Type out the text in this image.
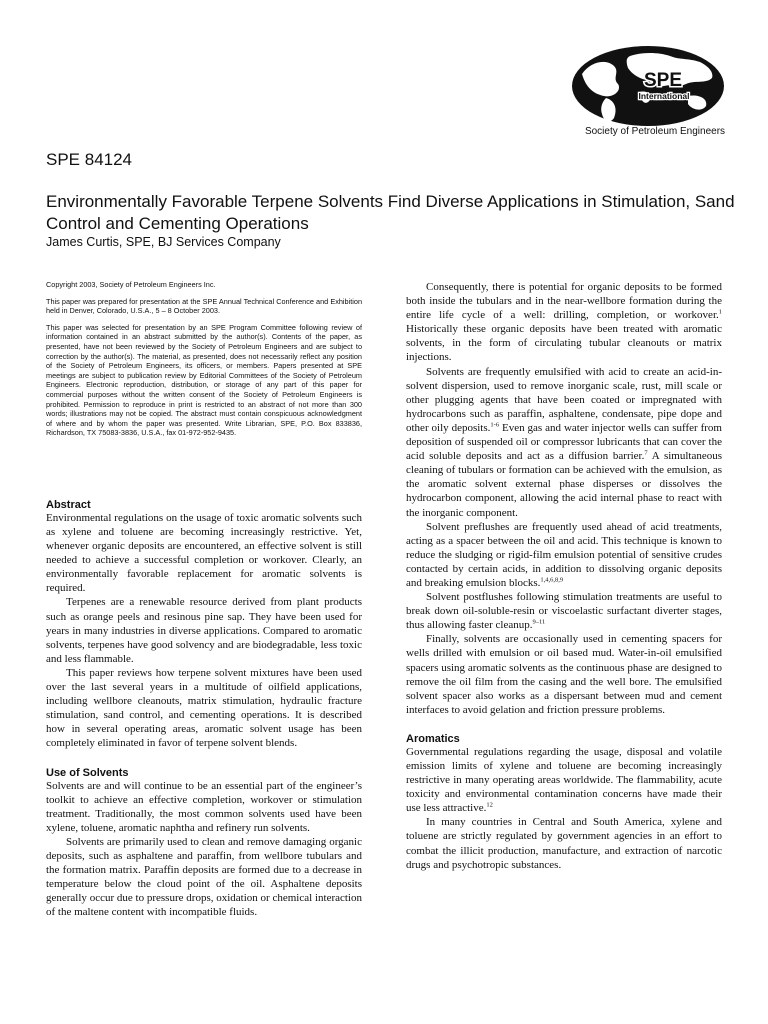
SPE
International
Society of Petroleum Engineers
SPE 84124
Environmentally Favorable Terpene Solvents Find Diverse Applications in Stimulation, Sand Control and Cementing Operations
James Curtis, SPE, BJ Services Company

Copyright 2003, Society of Petroleum Engineers Inc.

This paper was prepared for presentation at the SPE Annual Technical Conference and Exhibition held in Denver, Colorado, U.S.A., 5 – 8 October 2003.

This paper was selected for presentation by an SPE Program Committee following review of information contained in an abstract submitted by the author(s). Contents of the paper, as presented, have not been reviewed by the Society of Petroleum Engineers and are subject to correction by the author(s). The material, as presented, does not necessarily reflect any position of the Society of Petroleum Engineers, its officers, or members. Papers presented at SPE meetings are subject to publication review by Editorial Committees of the Society of Petroleum Engineers. Electronic reproduction, distribution, or storage of any part of this paper for commercial purposes without the written consent of the Society of Petroleum Engineers is prohibited. Permission to reproduce in print is restricted to an abstract of not more than 300 words; illustrations may not be copied. The abstract must contain conspicuous acknowledgment of where and by whom the paper was presented. Write Librarian, SPE, P.O. Box 833836, Richardson, TX 75083-3836, U.S.A., fax 01-972-952-9435.

Abstract

Environmental regulations on the usage of toxic aromatic solvents such as xylene and toluene are becoming increasingly restrictive. Yet, whenever organic deposits are encountered, an effective solvent is still needed to achieve a successful completion or workover. Clearly, an environmentally favorable replacement for aromatic solvents is required.

Terpenes are a renewable resource derived from plant products such as orange peels and resinous pine sap. They have been used for years in many industries in diverse applications. Compared to aromatic solvents, terpenes have good solvency and are biodegradable, less toxic and less flammable.

This paper reviews how terpene solvent mixtures have been used over the last several years in a multitude of oilfield applications, including wellbore cleanouts, matrix stimulation, hydraulic fracture stimulation, sand control, and cementing operations. It is described how in several operating areas, aromatic solvent usage has been completely eliminated in favor of terpene solvent blends.

Use of Solvents

Solvents are and will continue to be an essential part of the engineer’s toolkit to achieve an effective completion, workover or stimulation treatment. Traditionally, the most common solvents used have been xylene, toluene, aromatic naphtha and refinery run solvents.

Solvents are primarily used to clean and remove damaging organic deposits, such as asphaltene and paraffin, from wellbore tubulars and the formation matrix. Paraffin deposits are formed due to a decrease in temperature below the cloud point of the oil. Asphaltene deposits generally occur due to pressure drops, oxidation or chemical interaction of the maltene content with incompatible fluids.

Consequently, there is potential for organic deposits to be formed both inside the tubulars and in the near-wellbore formation during the entire life cycle of a well: drilling, completion, or workover.$^1$ Historically these organic deposits have been treated with aromatic solvents, in the form of circulating tubular cleanouts or matrix injections.

Solvents are frequently emulsified with acid to create an acid-in-solvent dispersion, used to remove inorganic scale, rust, mill scale or other plugging agents that have been coated or impregnated with hydrocarbons such as paraffin, asphaltene, condensate, pipe dope and other oily deposits.$^{1-6}$ Even gas and water injector wells can suffer from deposition of suspended oil or compressor lubricants that can cover the acid soluble deposits and act as a diffusion barrier.$^7$ A simultaneous cleaning of tubulars or formation can be achieved with the emulsion, as the aromatic solvent external phase disperses or dissolves the hydrocarbon component, allowing the acid internal phase to react with the inorganic component.

Solvent preflushes are frequently used ahead of acid treatments, acting as a spacer between the oil and acid. This technique is known to reduce the sludging or rigid-film emulsion potential of sensitive crudes contacted by certain acids, in addition to dissolving organic deposits and breaking emulsion blocks.$^{1,4,6,8,9}$

Solvent postflushes following stimulation treatments are useful to break down oil-soluble-resin or viscoelastic surfactant diverter stages, thus allowing faster cleanup.$^{9-11}$

Finally, solvents are occasionally used in cementing spacers for wells drilled with emulsion or oil based mud. Water-in-oil emulsified spacers using aromatic solvents as the continuous phase are designed to remove the oil film from the casing and the well bore. The emulsified solvent spacer also works as a dispersant between mud and cement interfaces to avoid gelation and friction pressure problems.

Aromatics

Governmental regulations regarding the usage, disposal and volatile emission limits of xylene and toluene are becoming increasingly restrictive in many operating areas worldwide. The flammability, acute toxicity and environmental contamination concerns have made their use less attractive.$^{12}$

In many countries in Central and South America, xylene and toluene are strictly regulated by government agencies in an effort to combat the illicit production, manufacture, and extraction of narcotic drugs and psychotropic substances.
